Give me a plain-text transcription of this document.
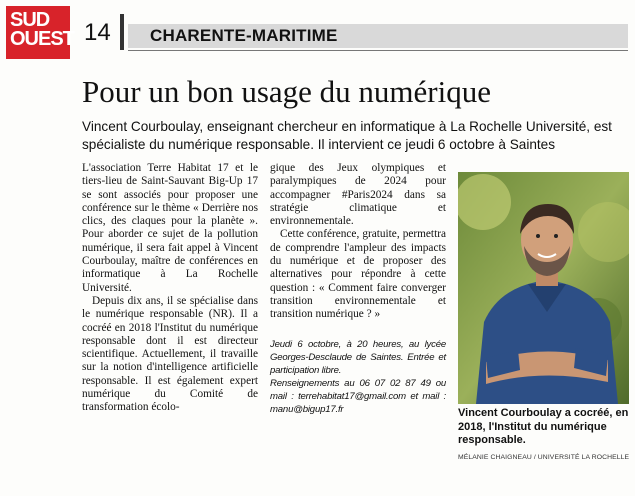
SUD
OUEST 14	CHARENTE-MARITIME
Pour un bon usage du numérique
Vincent Courboulay, enseignant chercheur en informatique à La Rochelle Université, est spécialiste du numérique responsable. Il intervient ce jeudi 6 octobre à Saintes

L'association Terre Habitat 17 et le tiers-lieu de Saint-Sauvant Big-Up 17 se sont associés pour proposer une conférence sur le thème « Derrière nos clics, des claques pour la planète ». Pour aborder ce sujet de la pollution numérique, il sera fait appel à Vincent Courboulay, maître de conférences en informatique à La Rochelle Université.

Depuis dix ans, il se spécialise dans le numérique responsable (NR). Il a cocréé en 2018 l'Institut du numérique responsable dont il est directeur scientifique. Actuellement, il travaille sur la notion d'intelligence artificielle responsable. Il est également expert numérique du Comité de transformation écolo-

gique des Jeux olympiques et paralympiques de 2024 pour accompagner #Paris2024 dans sa stratégie climatique et environnementale.

Cette conférence, gratuite, permettra de comprendre l'ampleur des impacts du numérique et de proposer des alternatives pour répondre à cette question : « Comment faire converger transition environnementale et transition numérique ? »

Jeudi 6 octobre, à 20 heures, au lycée Georges-Desclaude de Saintes. Entrée et participation libre.

Renseignements au 06 07 02 87 49 ou mail : terrehabitat17@gmail.com et mail : manu@bigup17.fr	Vincent Courboulay a cocréé, en 2018, l'Institut du numérique responsable.
MÉLANIE CHAIGNEAU / UNIVERSITÉ LA ROCHELLE
